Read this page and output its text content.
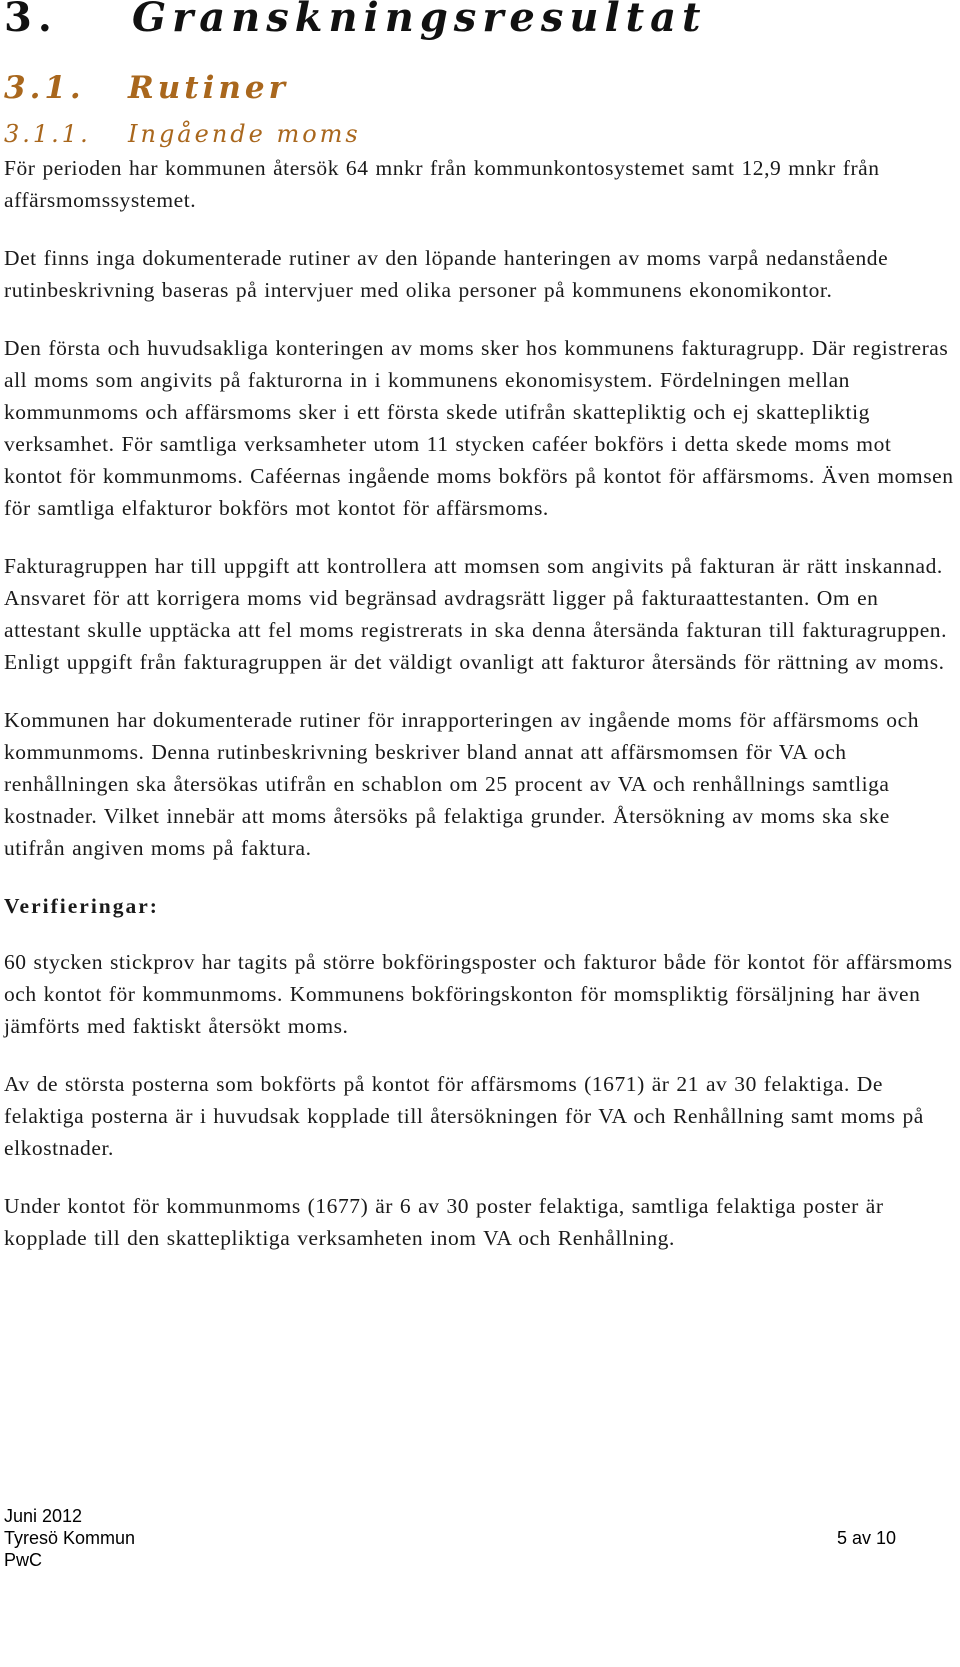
3. Granskningsresultat
3.1. Rutiner
3.1.1. Ingående moms

För perioden har kommunen återsök 64 mnkr från kommunkontosystemet samt 12,9 mnkr från affärsmomssystemet.

Det finns inga dokumenterade rutiner av den löpande hanteringen av moms varpå nedanstående rutinbeskrivning baseras på intervjuer med olika personer på kommunens ekonomikontor.

Den första och huvudsakliga konteringen av moms sker hos kommunens fakturagrupp. Där registreras all moms som angivits på fakturorna in i kommunens ekonomisystem. Fördelningen mellan kommunmoms och affärsmoms sker i ett första skede utifrån skattepliktig och ej skattepliktig verksamhet. För samtliga verksamheter utom 11 stycken caféer bokförs i detta skede moms mot kontot för kommunmoms. Caféernas ingående moms bokförs på kontot för affärsmoms. Även momsen för samtliga elfakturor bokförs mot kontot för affärsmoms.

Fakturagruppen har till uppgift att kontrollera att momsen som angivits på fakturan är rätt inskannad. Ansvaret för att korrigera moms vid begränsad avdragsrätt ligger på fakturaattestanten. Om en attestant skulle upptäcka att fel moms registrerats in ska denna återsända fakturan till fakturagruppen. Enligt uppgift från fakturagruppen är det väldigt ovanligt att fakturor återsänds för rättning av moms.

Kommunen har dokumenterade rutiner för inrapporteringen av ingående moms för affärsmoms och kommunmoms. Denna rutinbeskrivning beskriver bland annat att affärsmomsen för VA och renhållningen ska återsökas utifrån en schablon om 25 procent av VA och renhållnings samtliga kostnader. Vilket innebär att moms återsöks på felaktiga grunder. Återsökning av moms ska ske utifrån angiven moms på faktura.

Verifieringar:

60 stycken stickprov har tagits på större bokföringsposter och fakturor både för kontot för affärsmoms och kontot för kommunmoms. Kommunens bokföringskonton för momspliktig försäljning har även jämförts med faktiskt återsökt moms.

Av de största posterna som bokförts på kontot för affärsmoms (1671) är 21 av 30 felaktiga. De felaktiga posterna är i huvudsak kopplade till återsökningen för VA och Renhållning samt moms på elkostnader.

Under kontot för kommunmoms (1677) är 6 av 30 poster felaktiga, samtliga felaktiga poster är kopplade till den skattepliktiga verksamheten inom VA och Renhållning.

Juni 2012
Tyresö Kommun	5 av 10
PwC
